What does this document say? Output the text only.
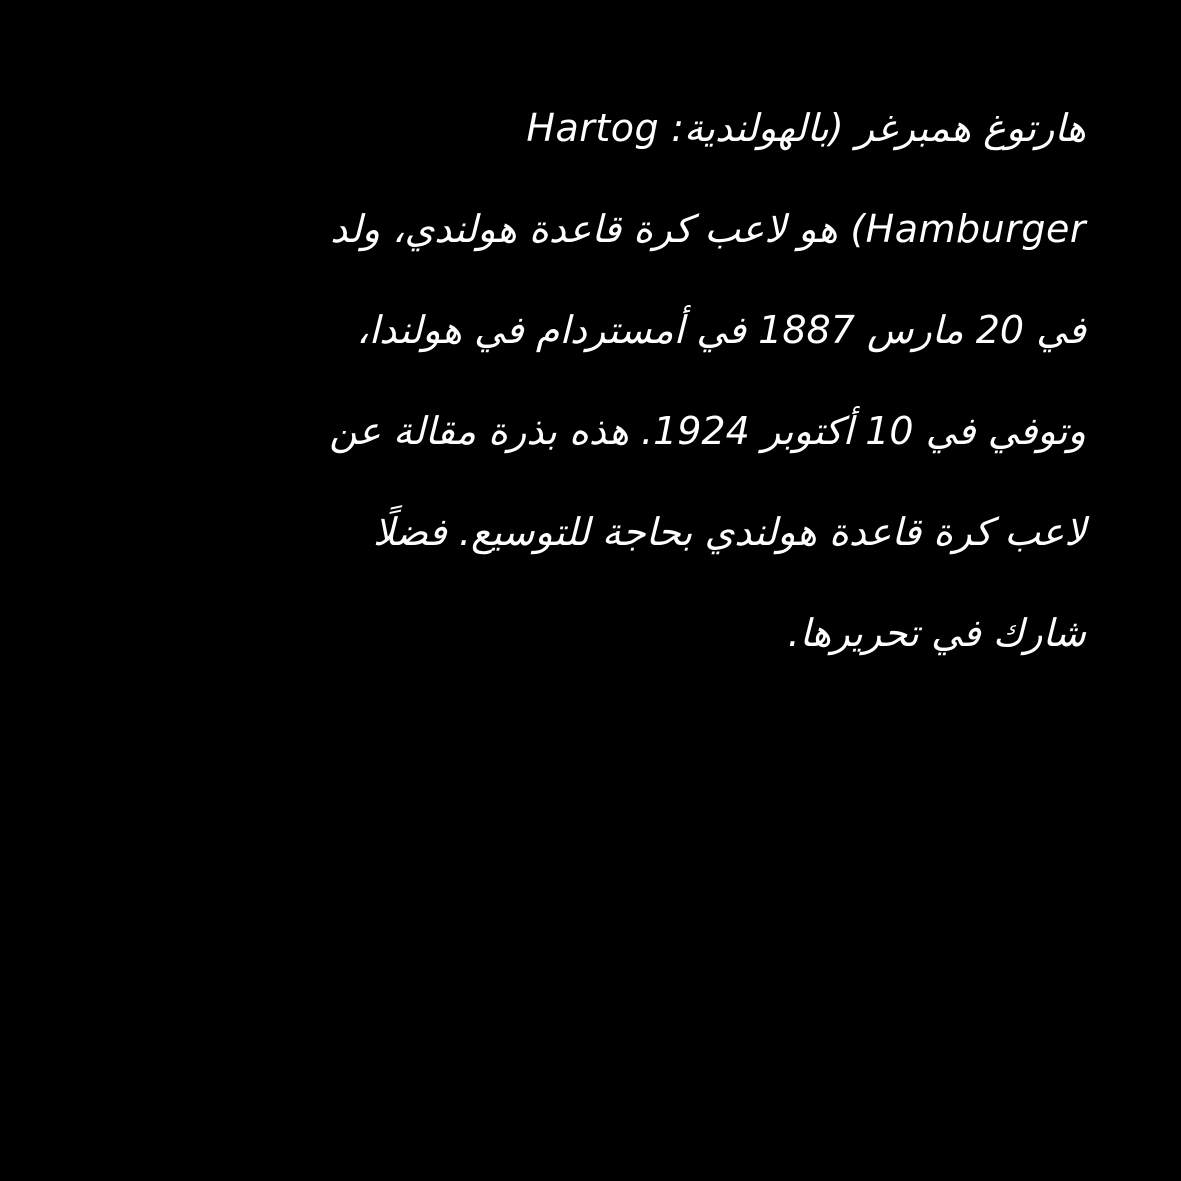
هارتوغ همبرغر (بالهولندية: Hartog
Hamburger) هو لاعب كرة قاعدة هولندي، ولد
في 20 مارس 1887 في أمستردام في هولندا،
وتوفي في 10 أكتوبر 1924. هذه بذرة مقالة عن
لاعب كرة قاعدة هولندي بحاجة للتوسيع. فضلًا
شارك في تحريرها.
